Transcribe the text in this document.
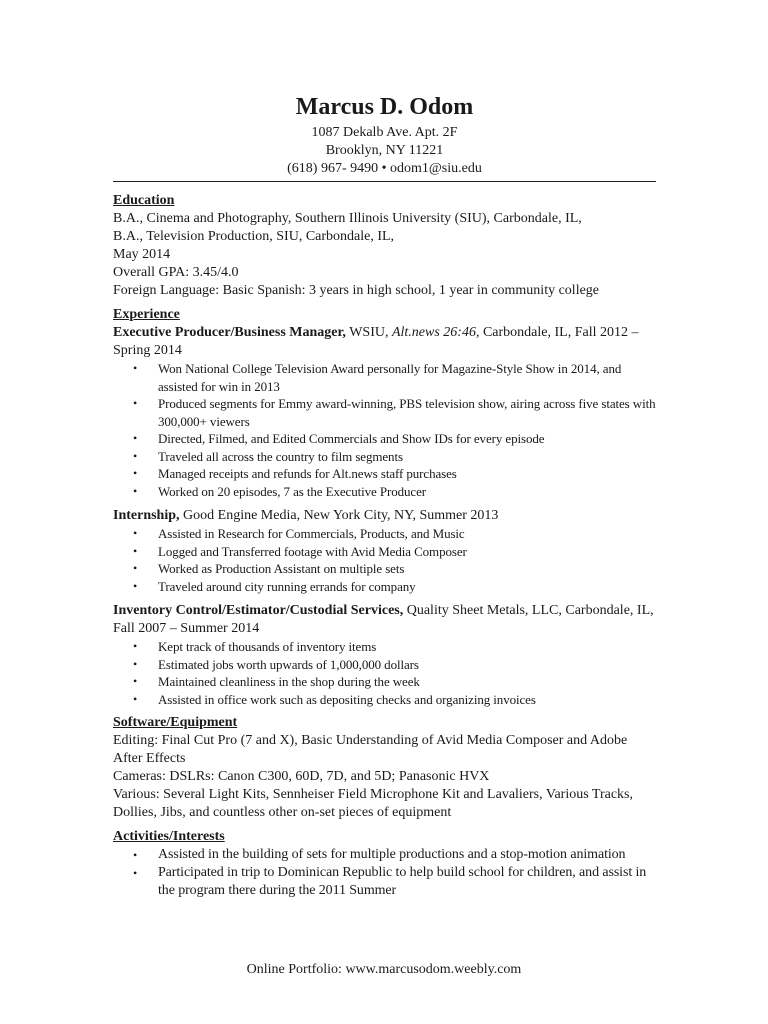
Marcus D. Odom
1087 Dekalb Ave. Apt. 2F
Brooklyn, NY 11221
(618) 967- 9490 • odom1@siu.edu
Education
B.A., Cinema and Photography, Southern Illinois University (SIU), Carbondale, IL,
B.A., Television Production, SIU, Carbondale, IL,
May 2014
Overall GPA: 3.45/4.0
Foreign Language: Basic Spanish: 3 years in high school, 1 year in community college
Experience
Executive Producer/Business Manager, WSIU, Alt.news 26:46, Carbondale, IL, Fall 2012 – Spring 2014
• Won National College Television Award personally for Magazine-Style Show in 2014, and assisted for win in 2013
• Produced segments for Emmy award-winning, PBS television show, airing across five states with 300,000+ viewers
• Directed, Filmed, and Edited Commercials and Show IDs for every episode
• Traveled all across the country to film segments
• Managed receipts and refunds for Alt.news staff purchases
• Worked on 20 episodes, 7 as the Executive Producer
Internship, Good Engine Media, New York City, NY, Summer 2013
• Assisted in Research for Commercials, Products, and Music
• Logged and Transferred footage with Avid Media Composer
• Worked as Production Assistant on multiple sets
• Traveled around city running errands for company
Inventory Control/Estimator/Custodial Services, Quality Sheet Metals, LLC, Carbondale, IL, Fall 2007 – Summer 2014
• Kept track of thousands of inventory items
• Estimated jobs worth upwards of 1,000,000 dollars
• Maintained cleanliness in the shop during the week
• Assisted in office work such as depositing checks and organizing invoices
Software/Equipment
Editing: Final Cut Pro (7 and X), Basic Understanding of Avid Media Composer and Adobe After Effects
Cameras: DSLRs: Canon C300, 60D, 7D, and 5D; Panasonic HVX
Various: Several Light Kits, Sennheiser Field Microphone Kit and Lavaliers, Various Tracks, Dollies, Jibs, and countless other on-set pieces of equipment
Activities/Interests
• Assisted in the building of sets for multiple productions and a stop-motion animation
• Participated in trip to Dominican Republic to help build school for children, and assist in the program there during the 2011 Summer
Online Portfolio: www.marcusodom.weebly.com
